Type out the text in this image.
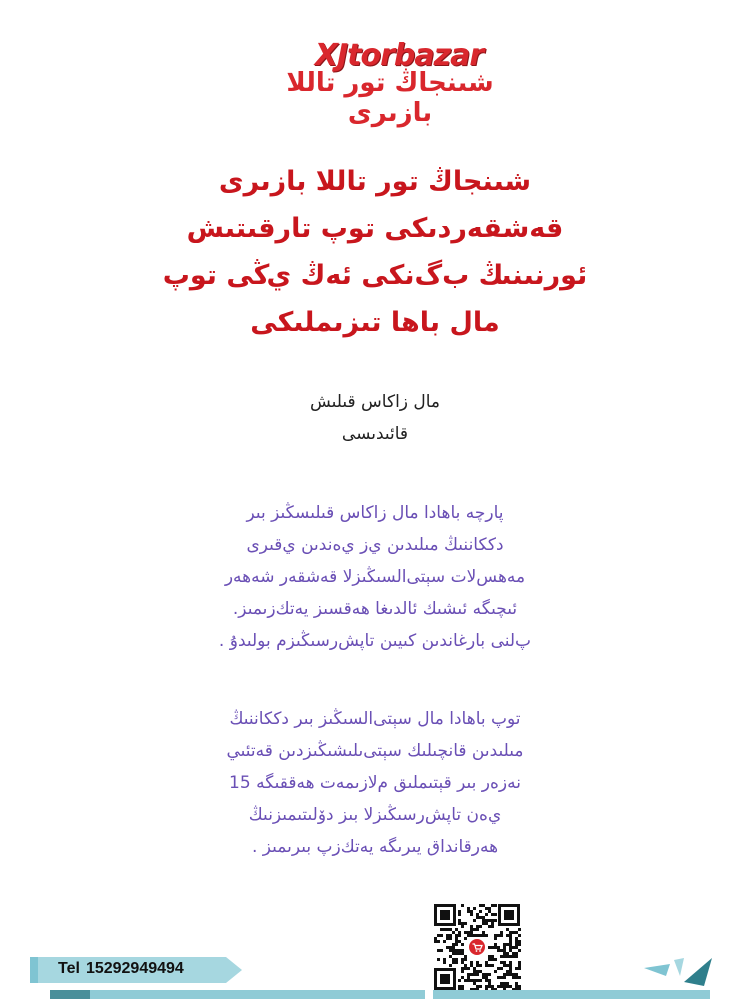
XJtorbazar
شىنجاڭ تور تاللا بازىرى
شىنجاڭ تور تاللا بازىرى
قەشقەردىكى توپ تارقىتىش
ئورنىنىڭ ب￼گ￼نكى ئەڭ ي￼ڭى توپ
مال باھا تىزىملىكى
مال زاكاس قىلىش
قائىدىسى
پارچە باھادا مال زاكاس قىلىسڭىز بىر
د￼ككاننىڭ مىلىدىن ي￼ز ي￼ەندىن ي￼قىرى
مەھس￼لات سېتى￼السىڭىزلا قەشقەر شەھەر
ئىچىگە ئىشىك ئالدىغا ھەقسىز يەتك￼زىمىز.
پ￼لنى بارغاندىن كىيىن تاپش￼رسىڭىزم￼ بولىدۇ￼ .
توپ باھادا مال سېتى￼السىڭىز بىر د￼ككاننىڭ
مىلىدىن قانچىلىك سېتى￼ىلىشىڭىزدىن قەتئىي
نەزەر بىر قېتىملىق م￼لازىمەت ھەققىگە 15
ي￼ەن تاپش￼رسىڭىزلا بىز دۆلىتىمىزنىڭ
ھەرقانداق يىرىگە يەتك￼ز￼پ بىرىمىز .
Tel 15292949494
